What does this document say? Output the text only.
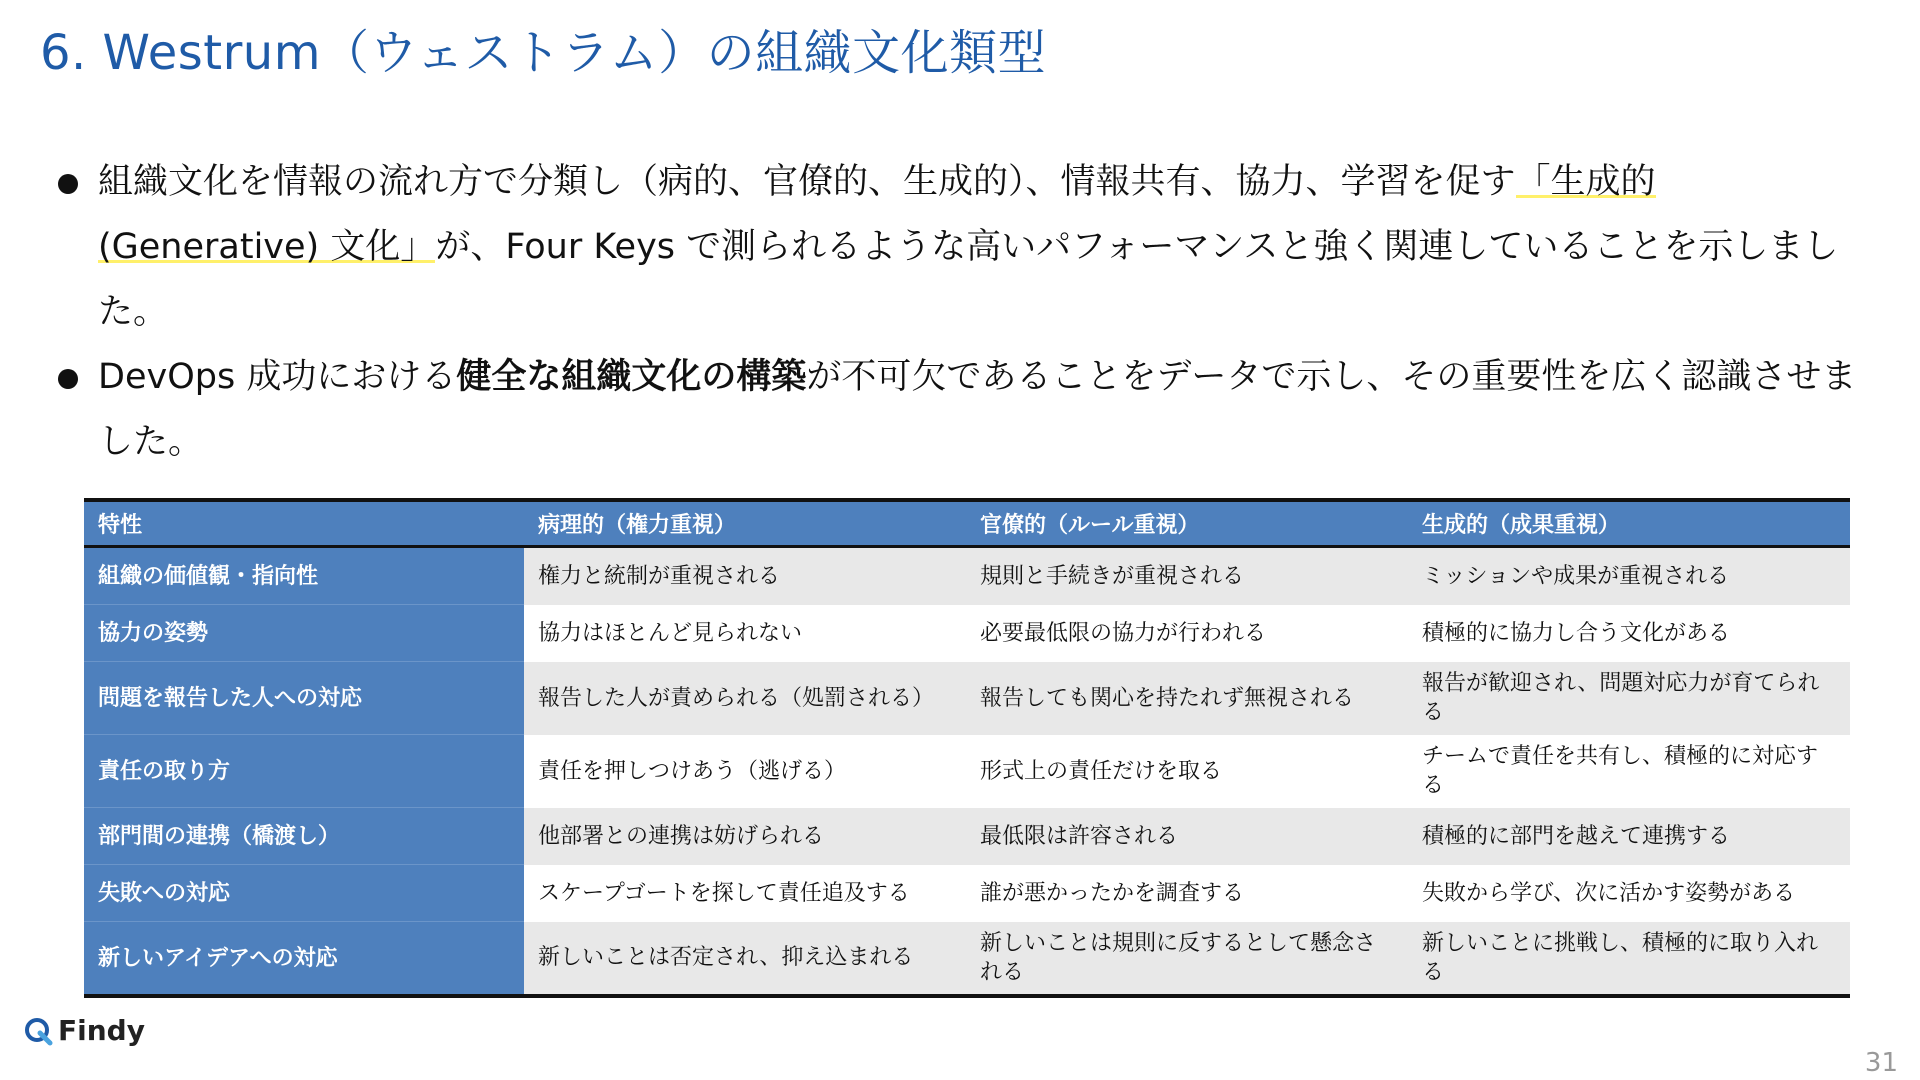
6. Westrum（ウェストラム）の組織文化類型
組織文化を情報の流れ方で分類し（病的、官僚的、生成的）、情報共有、協力、学習を促す「生成的(Generative) 文化」が、Four Keys で測られるような高いパフォーマンスと強く関連していることを示しました。
DevOps 成功における健全な組織文化の構築が不可欠であることをデータで示し、その重要性を広く認識させました。
特性	病理的（権力重視）	官僚的（ルール重視）	生成的（成果重視）
組織の価値観・指向性	権力と統制が重視される	規則と手続きが重視される	ミッションや成果が重視される
協力の姿勢	協力はほとんど見られない	必要最低限の協力が行われる	積極的に協力し合う文化がある
問題を報告した人への対応	報告した人が責められる（処罰される）	報告しても関心を持たれず無視される	報告が歓迎され、問題対応力が育てられる
責任の取り方	責任を押しつけあう（逃げる）	形式上の責任だけを取る	チームで責任を共有し、積極的に対応する
部門間の連携（橋渡し）	他部署との連携は妨げられる	最低限は許容される	積極的に部門を越えて連携する
失敗への対応	スケープゴートを探して責任追及する	誰が悪かったかを調査する	失敗から学び、次に活かす姿勢がある
新しいアイデアへの対応	新しいことは否定され、抑え込まれる	新しいことは規則に反するとして懸念される	新しいことに挑戦し、積極的に取り入れる
Findy
31
